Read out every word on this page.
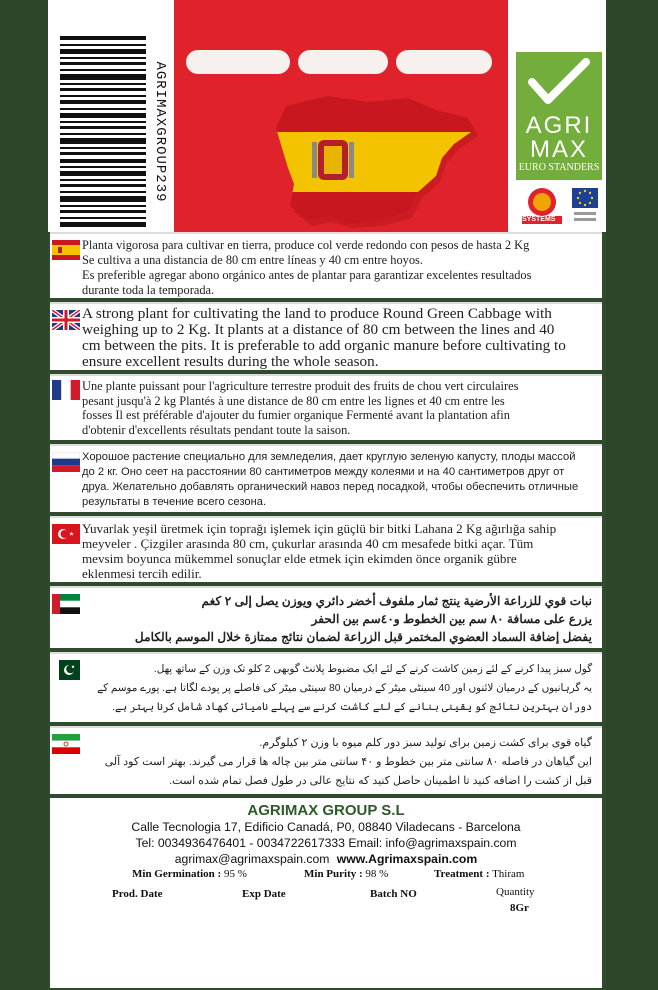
AGRIMAXGROUP239	AGRI
MAX
EURO STANDERS
SYSTEMS
Planta vigorosa para cultivar en tierra, produce col verde redondo con pesos de hasta 2 Kg
Se cultiva a una distancia de 80 cm entre líneas y 40 cm entre hoyos.
Es preferible agregar abono orgánico antes de plantar para garantizar excelentes resultados
durante toda la temporada.
A strong plant for cultivating the land to produce Round Green Cabbage with
weighing up to 2 Kg. It plants at a distance of 80 cm between the lines and 40
cm between the pits. It is preferable to add organic manure before cultivating to
ensure excellent results during the whole season.
Une plante puissant pour l'agriculture terrestre produit des fruits de chou vert circulaires
pesant jusqu'à 2 kg Plantés à une distance de 80 cm entre les lignes et 40 cm entre les
fosses Il est préférable d'ajouter du fumier organique Fermenté avant la plantation afin
d'obtenir d'excellents résultats pendant toute la saison.
Хорошое растение специально для земледелия, дает круглую зеленую капусту, плоды массой
до 2 кг. Оно сеет на расстоянии 80 сантиметров между колеями и на 40 сантиметров друг от
друа. Желательно добавлять органический навоз перед посадкой, чтобы обеспечить отличные
результаты в течение всего сезона.
Yuvarlak yeşil üretmek için toprağı işlemek için güçlü bir bitki Lahana 2 Kg ağırlığa sahip
meyveler . Çizgiler arasında 80 cm, çukurlar arasında 40 cm mesafede bitki açar. Tüm
mevsim boyunca mükemmel sonuçlar elde etmek için ekimden önce organik gübre
eklenmesi tercih edilir.
نبات قوي للزراعة الأرضية ينتج ثمار ملفوف أخضر دائري ويوزن يصل إلى ٢ كغم
يزرع على مسافة ٨٠ سم بين الخطوط و٤٠سم بين الحفر
يفضل إضافة السماد العضوي المختمر قبل الزراعة لضمان نتائج ممتازة خلال الموسم بالكامل
گول سبز پیدا کرنے کے لئے زمین کاشت کرنے کے لئے ایک مضبوط پلانٹ گوبھی 2 کلو تک وزن کے ساتھ پھل.
یہ گرہانیوں کے درمیان لائنوں اور 40 سینٹی میٹر کے درمیان 80 سینٹی میٹر کی فاصلے پر پودے لگاتا ہے. پورے موسم کے
دوران بہترین نتائج کو یقینی بنانے کے لئے کاشت کرنے سے پہلے نامیاتی کھاد شامل کرنا بہتر ہے.
گیاه قوی برای کشت زمین برای تولید سبز دور کلم میوه با وزن ۲ کیلوگرم.
این گیاهان در فاصله ۸۰ سانتی متر بین خطوط و ۴۰ سانتی متر بین چاله ها قرار می گیرند. بهتر است کود آلی
قبل از کشت را اضافه کنید تا اطمینان حاصل کنید که نتایج عالی در طول فصل تمام شده است.
AGRIMAX GROUP S.L
Calle Tecnologia 17, Edificio Canadá, P0, 08840 Viladecans - Barcelona
Tel: 0034936476401 - 0034722617333 Email: info@agrimaxspain.com
agrimax@agrimaxspain.com www.Agrimaxspain.com
Min Germination : 95 %	Min Purity : 98 %	Treatment : Thiram
Prod. Date	Exp Date	Batch NO	Quantity
8Gr
